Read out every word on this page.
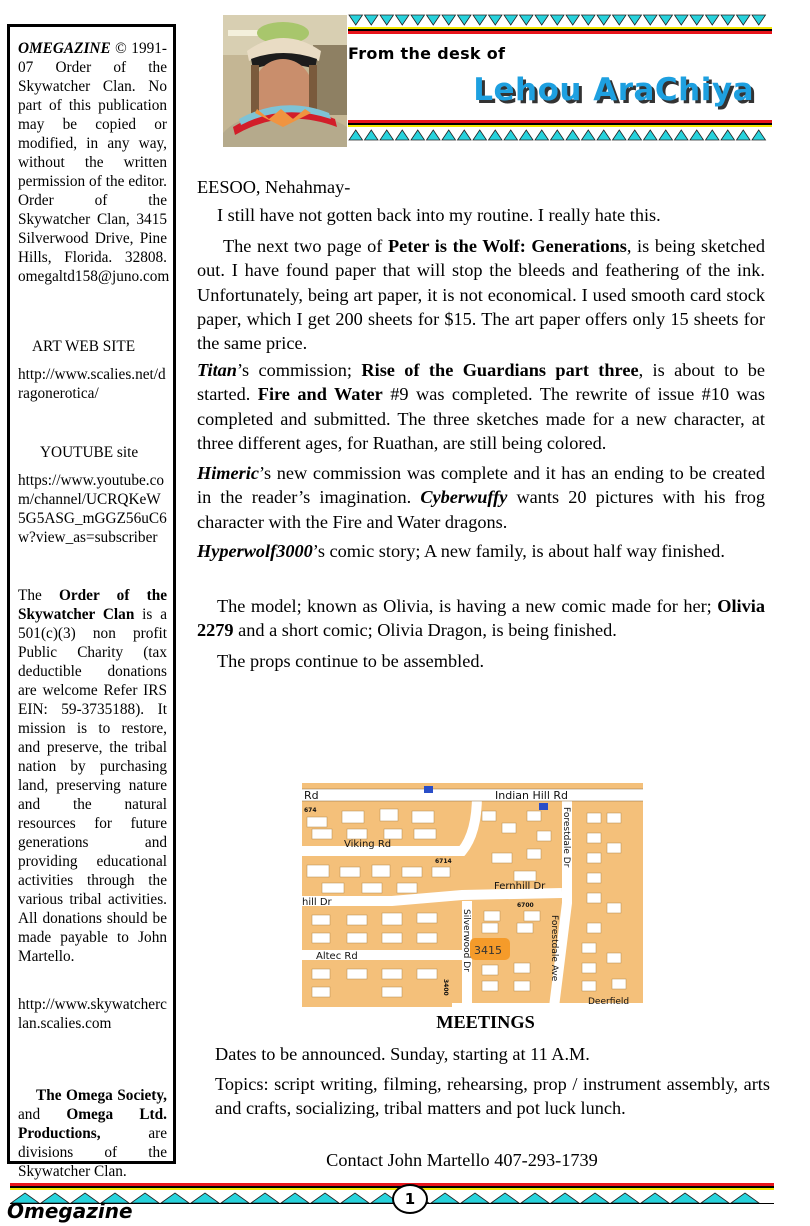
OMEGAZINE © 1991-07 Order of the Skywatcher Clan. No part of this publication may be copied or modified, in any way, without the written permission of the editor. Order of the Skywatcher Clan, 3415 Silverwood Drive, Pine Hills, Florida. 32808. omegaltd158@juno.com

ART WEB SITE

http://www.scalies.net/dragonerotica/

YOUTUBE site

https://www.youtube.com/channel/UCRQKeW5G5ASG_mGGZ56uC6w?view_as=subscriber

The Order of the Skywatcher Clan is a 501(c)(3) non profit Public Charity (tax deductible donations are welcome Refer IRS EIN: 59-3735188). It mission is to restore, and preserve, the tribal nation by purchasing land, preserving nature and the natural resources for future generations and providing educational activities through the various tribal activities. All donations should be made payable to John Martello.

http://www.skywatcherclan.scalies.com

The Omega Society, and Omega Ltd. Productions, are divisions of the Skywatcher Clan.

From the desk of
Lehou AraChiya

EESOO, Nehahmay-

I still have not gotten back into my routine. I really hate this.

The next two page of Peter is the Wolf: Generations, is being sketched out. I have found paper that will stop the bleeds and feathering of the ink. Unfortunately, being art paper, it is not economical. I used smooth card stock paper, which I get 200 sheets for $15. The art paper offers only 15 sheets for the same price.

Titan’s commission; Rise of the Guardians part three, is about to be started. Fire and Water #9 was completed. The rewrite of issue #10 was completed and submitted. The three sketches made for a new character, at three different ages, for Ruathan, are still being colored.

Himeric’s new commission was complete and it has an ending to be created in the reader’s imagination. Cyberwuffy wants 20 pictures with his frog character with the Fire and Water dragons.

Hyperwolf3000’s comic story; A new family, is about half way finished.

The model; known as Olivia, is having a new comic made for her; Olivia 2279 and a short comic; Olivia Dragon, is being finished.

The props continue to be assembled.

3415
Indian Hill Rd
Viking Rd
Fernhill Dr
hill Dr
Altec Rd
Forestdale Dr
Forestdale Ave
Silverwood Dr
Deerfield
Rd
674
6714
6700
3400
MEETINGS

Dates to be announced. Sunday, starting at 11 A.M.

Topics: script writing, filming, rehearsing, prop / instrument assembly, arts and crafts, socializing, tribal matters and pot luck lunch.

Contact John Martello 407-293-1739
1
Omegazine
